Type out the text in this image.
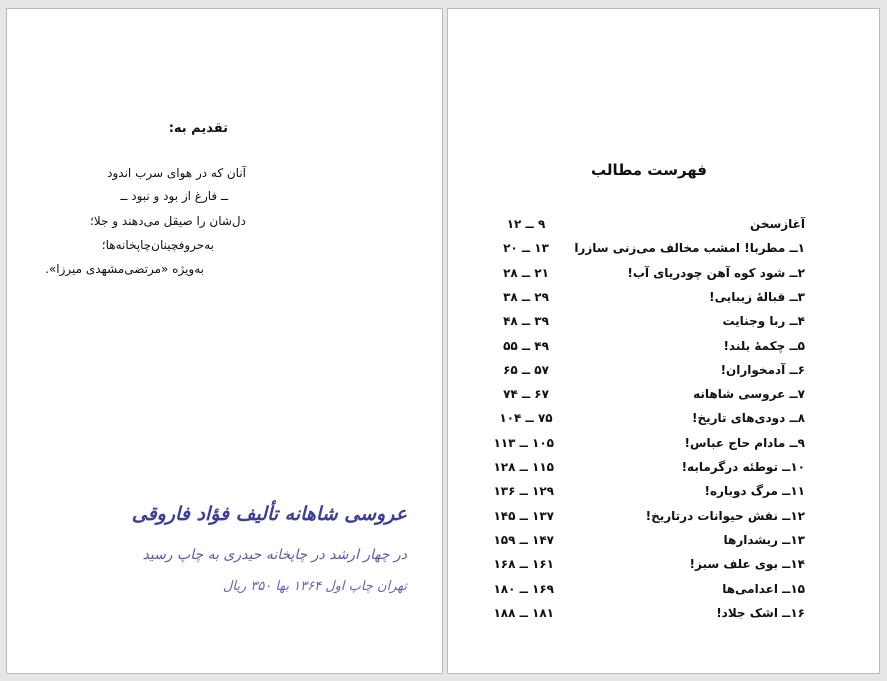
تقدیم به:
آنان که در هوای سرب اندود
ــ فارغ از بود و نبود ــ
دل‌شان را صیقل می‌دهند و جلا؛
به‌حروفچینان‌چاپخانه‌ها؛
به‌ویژه «مرتضی‌مشهدی میرزا».
عروسی شاهانه تألیف فؤاد فاروقی
در چهار ارشد در چاپخانه حیدری به چاپ رسید
تهران چاپ اول ۱۳۶۴ بها ۳۵۰ ریال
فهرست مطالب
آغازسخن
۹ ــ ۱۲
۱ــ مطربا! امشب مخالف می‌زنی سازرا
۱۳ ــ ۲۰
۲ــ شود کوه آهن چودریای آب!
۲۱ ــ ۲۸
۳ــ قبالهٔ زیبایی!
۲۹ ــ ۳۸
۴ــ ربا وجنایت
۳۹ ــ ۴۸
۵ــ چکمهٔ بلند!
۴۹ ــ ۵۵
۶ــ آدمخواران!
۵۷ ــ ۶۵
۷ــ عروسی شاهانه
۶۷ ــ ۷۴
۸ــ دودی‌های تاریخ!
۷۵ ــ ۱۰۴
۹ــ مادام حاج عباس!
۱۰۵ ــ ۱۱۳
۱۰ــ توطئه درگرمابه!
۱۱۵ ــ ۱۲۸
۱۱ــ مرگ دوباره!
۱۲۹ ــ ۱۳۶
۱۲ــ نقش حیوانات درتاریخ!
۱۳۷ ــ ۱۴۵
۱۳ــ ریشدارها
۱۴۷ ــ ۱۵۹
۱۴ــ بوی علف سبز!
۱۶۱ ــ ۱۶۸
۱۵ــ اعدامی‌ها
۱۶۹ ــ ۱۸۰
۱۶ــ اشک جلاد!
۱۸۱ ــ ۱۸۸
